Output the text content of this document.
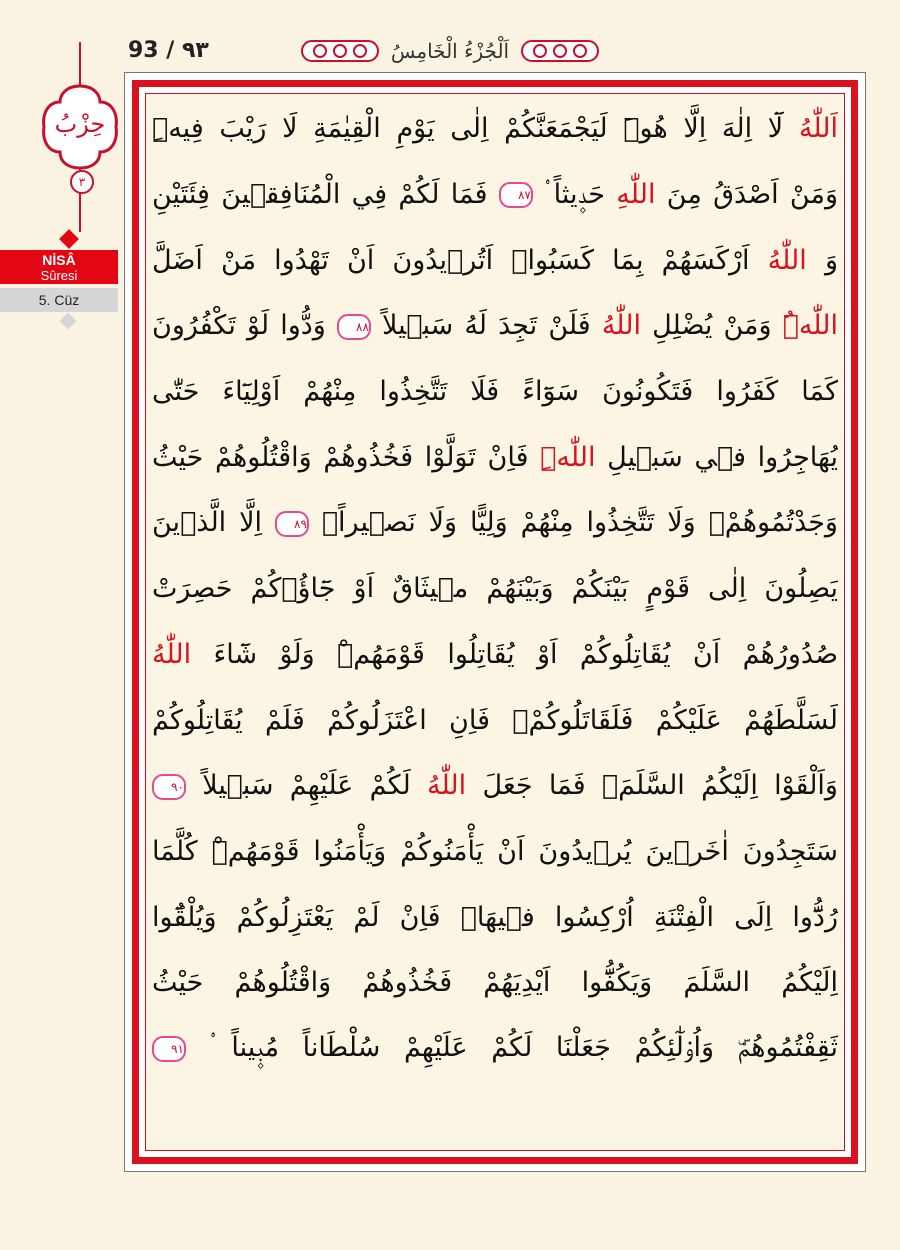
93 / ٩٣	اَلْجُزْءُ الْخَامِسُ
حِزْبُ
٣
NİSÂ
Sûresi
5. Cüz
اَللّٰهُ لَٓا اِلٰهَ اِلَّا هُوَۜ لَيَجْمَعَنَّكُمْ اِلٰى يَوْمِ الْقِيٰمَةِ لَا رَيْبَ فِيهِۜ
وَمَنْ اَصْدَقُ مِنَ اللّٰهِ حَد۪يثاً ۟ ٨٧ فَمَا لَكُمْ فِي الْمُنَافِق۪ينَ فِئَتَيْنِ
وَ اللّٰهُ اَرْكَسَهُمْ بِمَا كَسَبُواۜ اَتُر۪يدُونَ اَنْ تَهْدُوا مَنْ اَضَلَّ
اللّٰهُۜ وَمَنْ يُضْلِلِ اللّٰهُ فَلَنْ تَجِدَ لَهُ سَب۪يلاً ٨٨ وَدُّوا لَوْ تَكْفُرُونَ
كَمَا كَفَرُوا فَتَكُونُونَ سَوَٓاءً فَلَا تَتَّخِذُوا مِنْهُمْ اَوْلِيَٓاءَ حَتّٰى
يُهَاجِرُوا ف۪ي سَب۪يلِ اللّٰهِۜ فَاِنْ تَوَلَّوْا فَخُذُوهُمْ وَاقْتُلُوهُمْ حَيْثُ
وَجَدْتُمُوهُمْۖ وَلَا تَتَّخِذُوا مِنْهُمْ وَلِيًّا وَلَا نَص۪يراًۙ ٨٩ اِلَّا الَّذ۪ينَ
يَصِلُونَ اِلٰى قَوْمٍ بَيْنَكُمْ وَبَيْنَهُمْ م۪يثَاقٌ اَوْ جَٓاؤُ۫كُمْ حَصِرَتْ
صُدُورُهُمْ اَنْ يُقَاتِلُوكُمْ اَوْ يُقَاتِلُوا قَوْمَهُمْۜ وَلَوْ شَٓاءَ اللّٰهُ
لَسَلَّطَهُمْ عَلَيْكُمْ فَلَقَاتَلُوكُمْۚ فَاِنِ اعْتَزَلُوكُمْ فَلَمْ يُقَاتِلُوكُمْ
وَاَلْقَوْا اِلَيْكُمُ السَّلَمَۙ فَمَا جَعَلَ اللّٰهُ لَكُمْ عَلَيْهِمْ سَب۪يلاً ٩٠
سَتَجِدُونَ اٰخَر۪ينَ يُر۪يدُونَ اَنْ يَأْمَنُوكُمْ وَيَأْمَنُوا قَوْمَهُمْۜ كُلَّمَا
رُدُّٓوا اِلَى الْفِتْنَةِ اُرْكِسُوا ف۪يهَاۚ فَاِنْ لَمْ يَعْتَزِلُوكُمْ وَيُلْقُٓوا
اِلَيْكُمُ السَّلَمَ وَيَكُفُّٓوا اَيْدِيَهُمْ فَخُذُوهُمْ وَاقْتُلُوهُمْ حَيْثُ
ثَقِفْتُمُوهُمْۜ وَاُو۬لٰٓئِكُمْ جَعَلْنَا لَكُمْ عَلَيْهِمْ سُلْطَاناً مُب۪يناً ۟ ٩١
